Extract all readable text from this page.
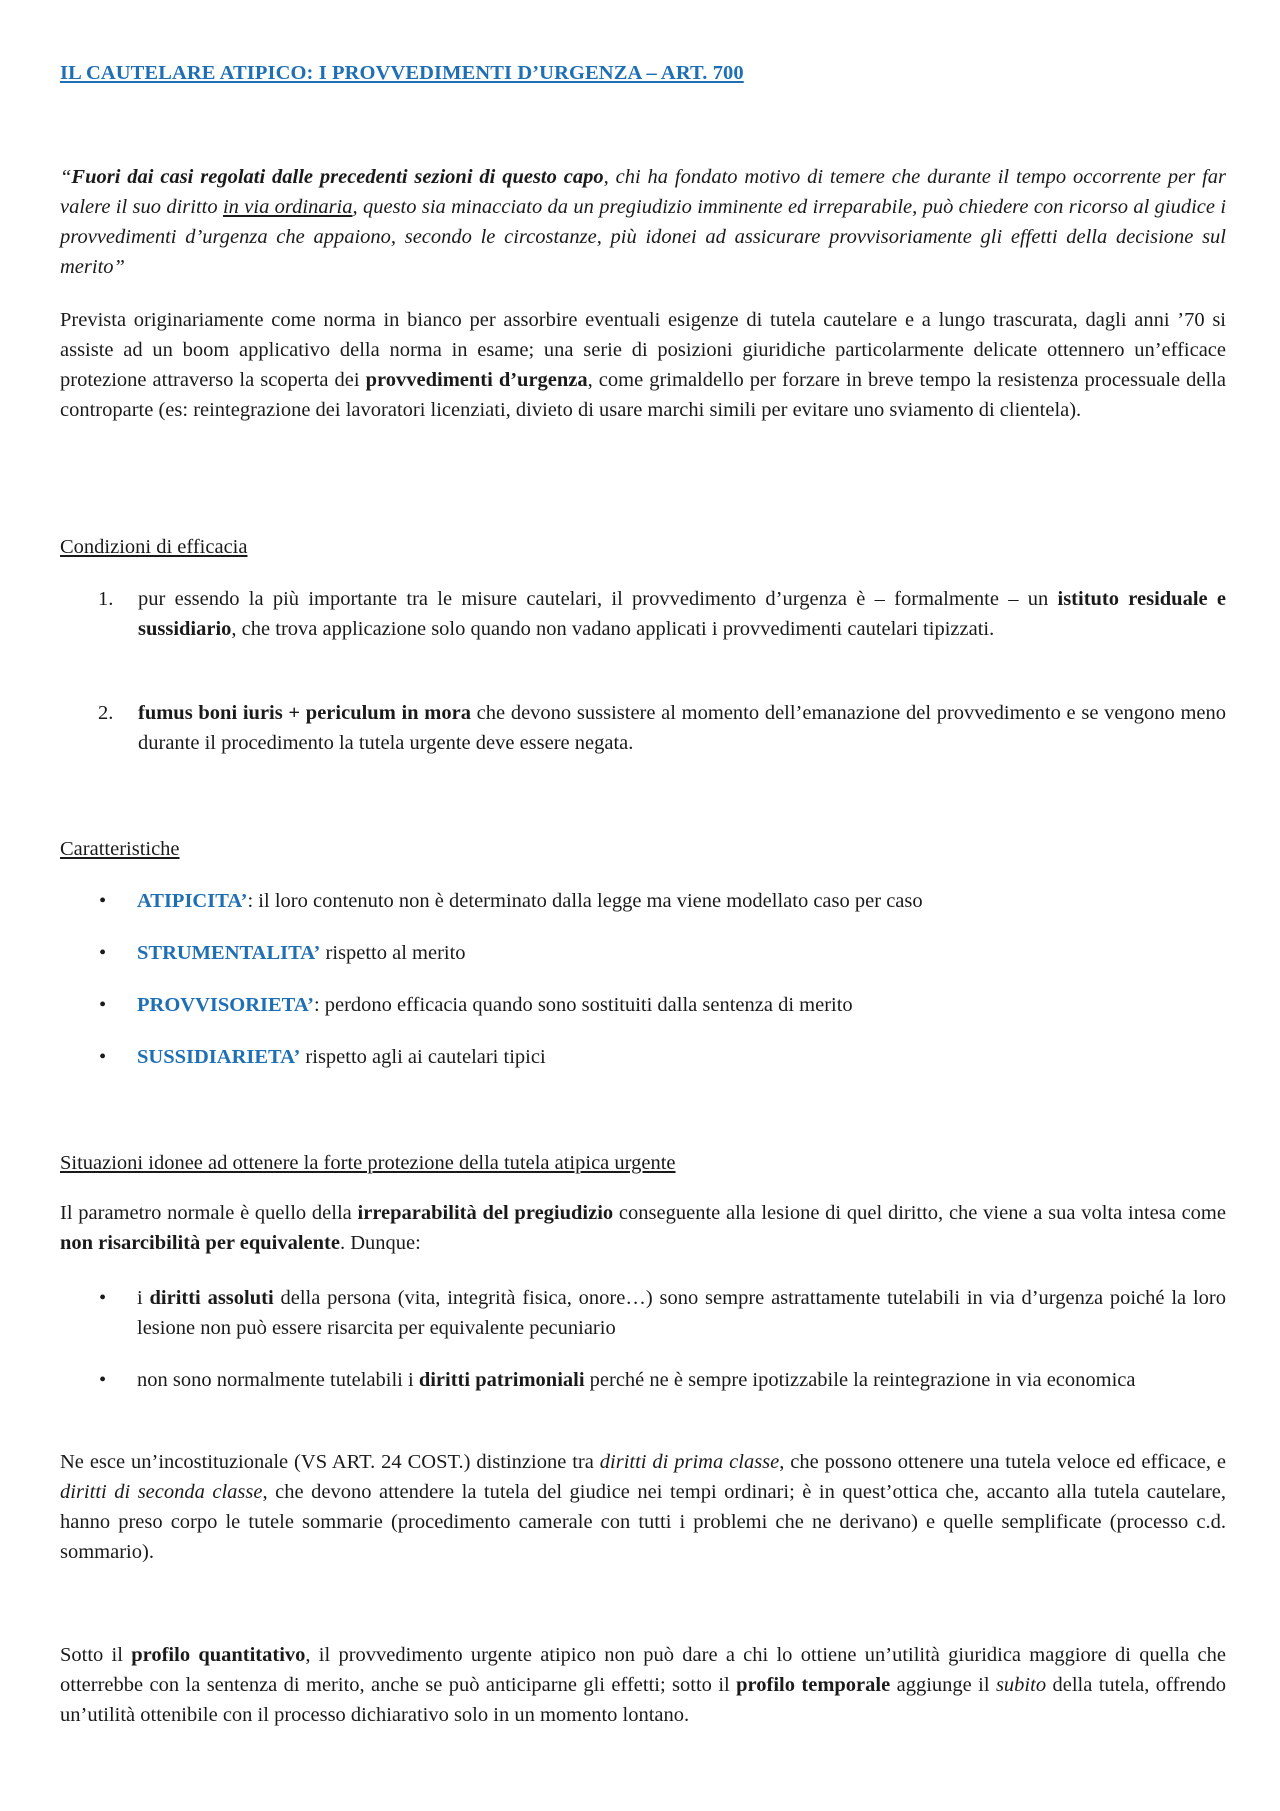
IL CAUTELARE ATIPICO: I PROVVEDIMENTI D’URGENZA – ART. 700

“Fuori dai casi regolati dalle precedenti sezioni di questo capo, chi ha fondato motivo di temere che durante il tempo occorrente per far valere il suo diritto in via ordinaria, questo sia minacciato da un pregiudizio imminente ed irreparabile, può chiedere con ricorso al giudice i provvedimenti d’urgenza che appaiono, secondo le circostanze, più idonei ad assicurare provvisoriamente gli effetti della decisione sul merito”

Prevista originariamente come norma in bianco per assorbire eventuali esigenze di tutela cautelare e a lungo trascurata, dagli anni ’70 si assiste ad un boom applicativo della norma in esame; una serie di posizioni giuridiche particolarmente delicate ottennero un’efficace protezione attraverso la scoperta dei provvedimenti d’urgenza, come grimaldello per forzare in breve tempo la resistenza processuale della controparte (es: reintegrazione dei lavoratori licenziati, divieto di usare marchi simili per evitare uno sviamento di clientela).

Condizioni di efficacia
1. pur essendo la più importante tra le misure cautelari, il provvedimento d’urgenza è – formalmente – un istituto residuale e sussidiario, che trova applicazione solo quando non vadano applicati i provvedimenti cautelari tipizzati.
2. fumus boni iuris + periculum in mora che devono sussistere al momento dell’emanazione del provvedimento e se vengono meno durante il procedimento la tutela urgente deve essere negata.
Caratteristiche
• ATIPICITA’: il loro contenuto non è determinato dalla legge ma viene modellato caso per caso
• STRUMENTALITA’ rispetto al merito
• PROVVISORIETA’: perdono efficacia quando sono sostituiti dalla sentenza di merito
• SUSSIDIARIETA’ rispetto agli ai cautelari tipici
Situazioni idonee ad ottenere la forte protezione della tutela atipica urgente

Il parametro normale è quello della irreparabilità del pregiudizio conseguente alla lesione di quel diritto, che viene a sua volta intesa come non risarcibilità per equivalente. Dunque:

• i diritti assoluti della persona (vita, integrità fisica, onore…) sono sempre astrattamente tutelabili in via d’urgenza poiché la loro lesione non può essere risarcita per equivalente pecuniario
• non sono normalmente tutelabili i diritti patrimoniali perché ne è sempre ipotizzabile la reintegrazione in via economica

Ne esce un’incostituzionale (VS ART. 24 COST.) distinzione tra diritti di prima classe, che possono ottenere una tutela veloce ed efficace, e diritti di seconda classe, che devono attendere la tutela del giudice nei tempi ordinari; è in quest’ottica che, accanto alla tutela cautelare, hanno preso corpo le tutele sommarie (procedimento camerale con tutti i problemi che ne derivano) e quelle semplificate (processo c.d. sommario).

Sotto il profilo quantitativo, il provvedimento urgente atipico non può dare a chi lo ottiene un’utilità giuridica maggiore di quella che otterrebbe con la sentenza di merito, anche se può anticiparne gli effetti; sotto il profilo temporale aggiunge il subito della tutela, offrendo un’utilità ottenibile con il processo dichiarativo solo in un momento lontano.
